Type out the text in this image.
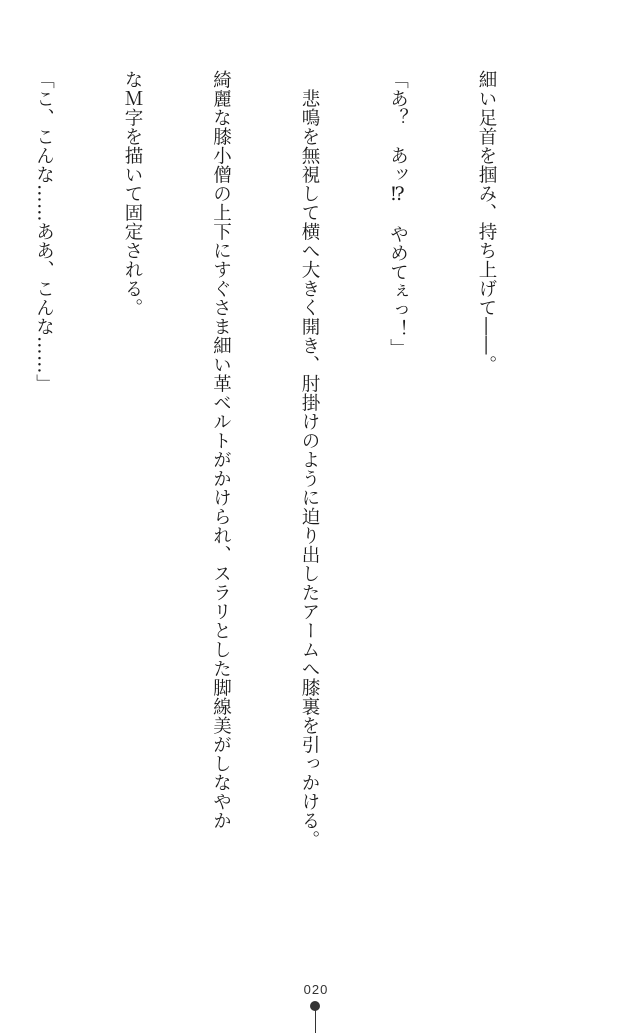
細い足首を掴み、持ち上げて――。

「あ？　あッ⁉　やめてぇっ！」

　悲鳴を無視して横へ大きく開き、肘掛けのように迫り出したアームへ膝裏を引っかける。

綺麗な膝小僧の上下にすぐさま細い革ベルトがかけられ、スラリとした脚線美がしなやか

なＭ字を描いて固定される。

「こ、こんな……ああ、こんな……」

020
